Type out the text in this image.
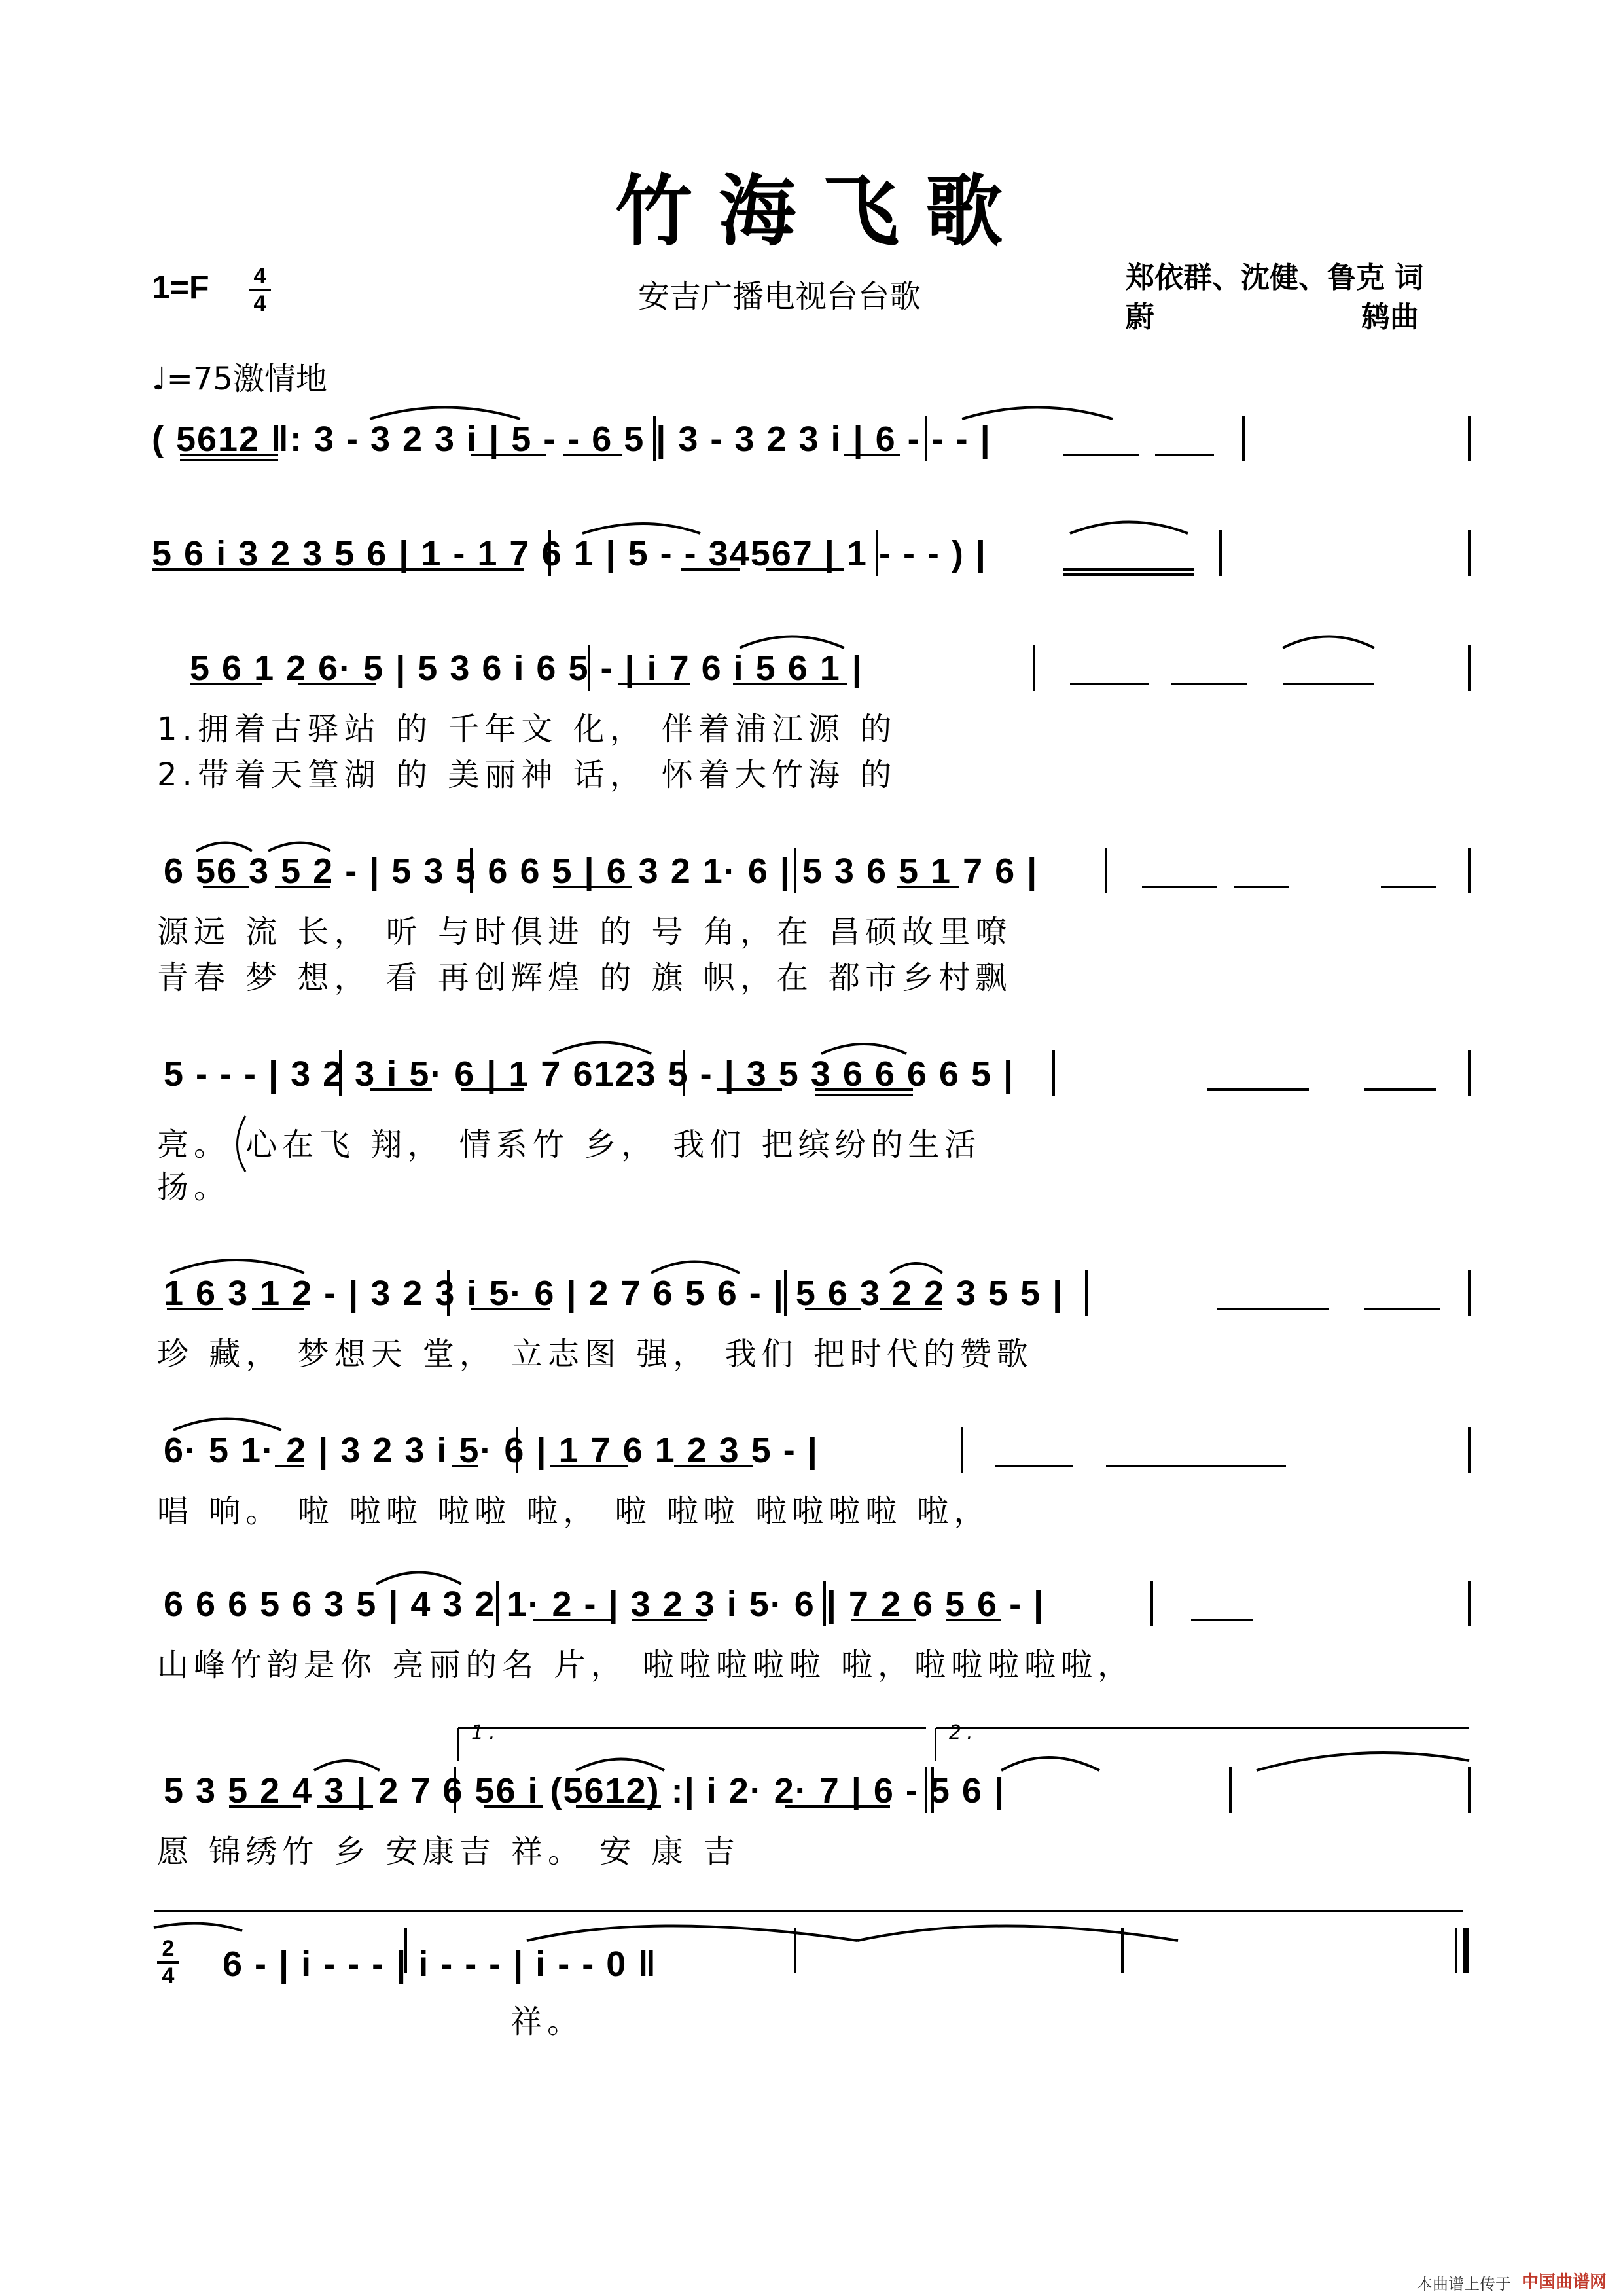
竹海飞歌
1=F 4
4	安吉广播电视台台歌
郑依群、沈健、鲁克 词
蔚	鸫曲
♩=75激情地
( 5612 ‖: 3 - 3 2 3 i | 5 - - 6 5 | 3 - 3 2 3 i | 6 - - - |
5 6 i 3 2 3 5 6 | 1 - 1 7 6 1 | 5 - - 34567 | 1 - - - ) |
5 6 1 2 6· 5 | 5 3 6 i 6 5 - | i 7 6 i 5 6 1 |
1.拥着古驿站 的 千年文 化， 伴着浦江源 的
2.带着天篁湖 的 美丽神 话， 怀着大竹海 的
6 56 3 5 2 - | 5 3 5 6 6 5 | 6 3 2 1· 6 | 5 3 6 5 1 7 6 |
源远 流 长， 听 与时俱进 的 号 角，在 昌硕故里嘹
青春 梦 想， 看 再创辉煌 的 旗 帜，在 都市乡村飘
5 - - - | 3 2 3 i 5· 6 | 1 7 6123 5 - | 3 5 3 6 6 6 6 5 |
亮。 心在飞 翔， 情系竹 乡， 我们 把缤纷的生活
扬。
1 6 3 1 2 - | 3 2 3 i 5· 6 | 2 7 6 5 6 - | 5 6 3 2 2 3 5 5 |
珍 藏， 梦想天 堂， 立志图 强， 我们 把时代的赞歌
6· 5 1· 2 | 3 2 3 i 5· 6 | 1 7 6 1 2 3 5 - |
唱 响。 啦 啦啦 啦啦 啦， 啦 啦啦 啦啦啦啦 啦，
6 6 6 5 6 3 5 | 4 3 2 1· 2 - | 3 2 3 i 5· 6 | 7 2 6 5 6 - |
山峰竹韵是你 亮丽的名 片， 啦啦啦啦啦 啦，啦啦啦啦啦，
1.	2.
5 3 5 2 4 3 | 2 7 6 56 i (5612) :| i 2· 2· 7 | 6 - 5 6 |
愿 锦绣竹 乡 安康吉 祥。 安 康 吉
2
4 6 - | i - - - | i - - - | i - - 0 ‖
祥。
本曲谱上传于 中国曲谱网
